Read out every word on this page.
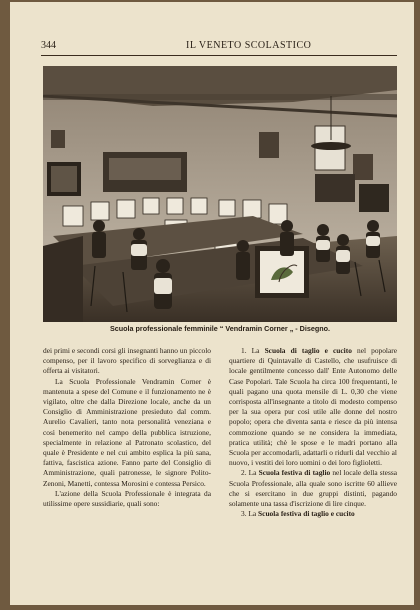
344	IL VENETO SCOLASTICO
Scuola professionale femminile “ Vendramin Corner „ - Disegno.

dei primi e secondi corsi gli insegnanti hanno un piccolo compenso, per il lavoro specifico di sorveglianza e di offerta ai visitatori.

La Scuola Professionale Vendramin Corner è mantenuta a spese del Comune e il funzionamento ne è vigilato, oltre che dalla Direzione locale, anche da un Consiglio di Amministrazione presieduto dal comm. Aurelio Cavalieri, tanto nota personalità veneziana e così benemerito nel campo della pubblica istruzione, specialmente in relazione al Patronato scolastico, del quale è Presidente e nel cui ambito esplica la più sana, fattiva, fascistica azione. Fanno parte del Consiglio di Amministrazione, quali patronesse, le signore Polito-Zenoni, Manetti, contessa Morosini e contessa Persico.

L'azione della Scuola Professionale è integrata da utilissime opere sussidiarie, quali sono:

1. La Scuola di taglio e cucito nel popolare quartiere di Quintavalle di Castello, che usufruisce di locale gentilmente concesso dall' Ente Autonomo delle Case Popolari. Tale Scuola ha circa 100 frequentanti, le quali pagano una quota mensile di L. 0,30 che viene corrisposta all'insegnante a titolo di modesto compenso per la sua opera pur così utile alle donne del nostro popolo; opera che diventa santa e riesce da più intensa commozione quando se ne considera la immediata, pratica utilità; chè le spose e le madri portano alla Scuola per accomodarli, adattarli o ridurli dal vecchio al nuovo, i vestiti dei loro uomini o dei loro figlioletti.

2. La Scuola festiva di taglio nel locale della stessa Scuola Professionale, alla quale sono iscritte 60 allieve che si esercitano in due gruppi distinti, pagando solamente una tassa d'iscrizione di lire cinque.

3. La Scuola festiva di taglio e cucito
